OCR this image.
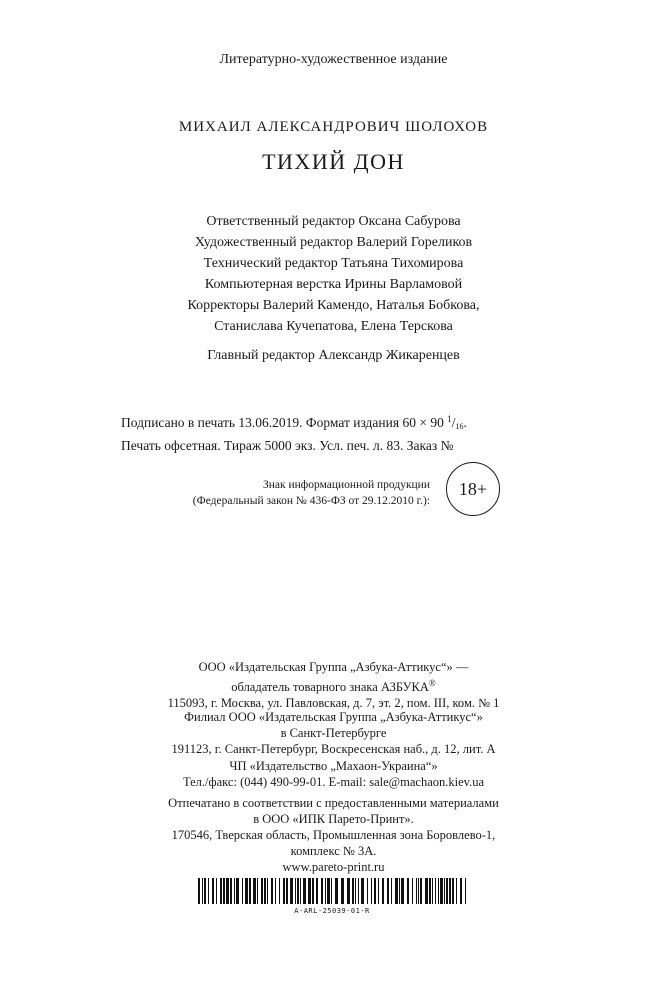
Литературно-художественное издание
МИХАИЛ АЛЕКСАНДРОВИЧ ШОЛОХОВ
ТИХИЙ ДОН
Ответственный редактор Оксана Сабурова
Художественный редактор Валерий Гореликов
Технический редактор Татьяна Тихомирова
Компьютерная верстка Ирины Варламовой
Корректоры Валерий Камендо, Наталья Бобкова,
Станислава Кучепатова, Елена Терскова
Главный редактор Александр Жикаренцев
Подписано в печать 13.06.2019. Формат издания 60 × 90 $^1/_{16}$.
Печать офсетная. Тираж 5000 экз. Усл. печ. л. 83. Заказ №
Знак информационной продукции
(Федеральный закон № 436-ФЗ от 29.12.2010 г.):
18+
ООО «Издательская Группа „Азбука-Аттикус“» —
обладатель товарного знака АЗБУКА®
115093, г. Москва, ул. Павловская, д. 7, эт. 2, пом. III, ком. № 1
Филиал ООО «Издательская Группа „Азбука-Аттикус“»
в Санкт-Петербурге
191123, г. Санкт-Петербург, Воскресенская наб., д. 12, лит. А
ЧП «Издательство „Махаон-Украина“»
Тел./факс: (044) 490-99-01. E-mail: sale@machaon.kiev.ua
Отпечатано в соответствии с предоставленными материалами
в ООО «ИПК Парето-Принт».
170546, Тверская область, Промышленная зона Боровлево-1,
комплекс № 3А.
www.pareto-print.ru
A-ARL-25039-01-R
